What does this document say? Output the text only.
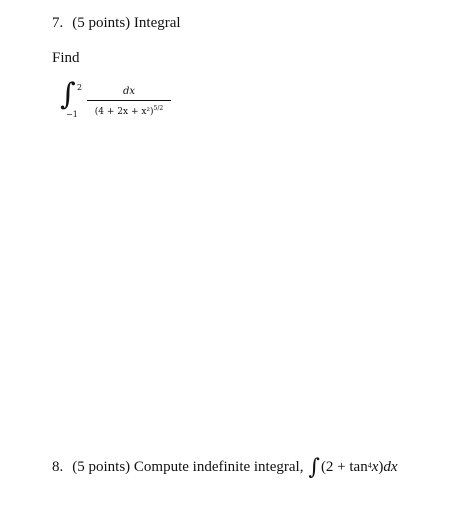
7. (5 points) Integral
Find
∫ 2
−1
dx
$(4 + 2x + x^2)^{5/2}$
8. (5 points) Compute indefinite integral, ∫ ($2 + \tan^4 x$ ) dx
